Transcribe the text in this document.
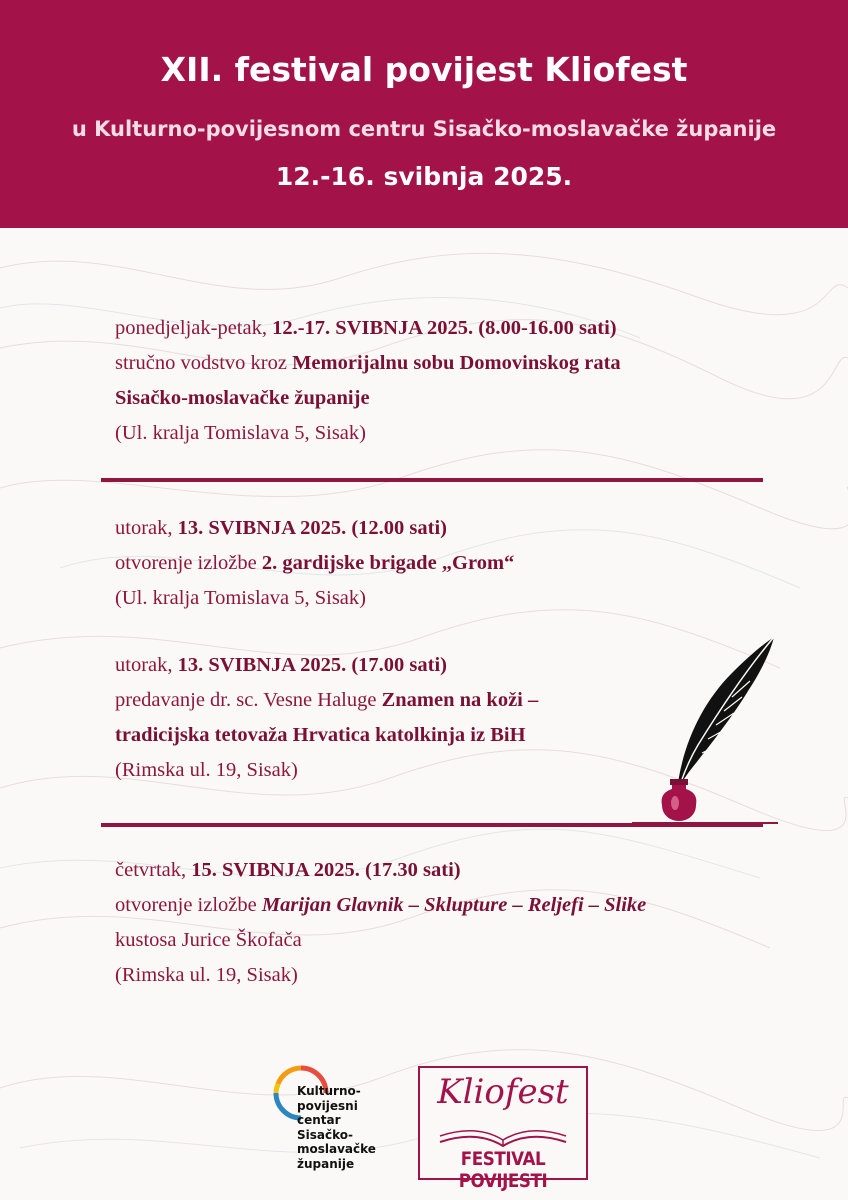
XII. festival povijest Kliofest
u Kulturno-povijesnom centru Sisačko-moslavačke županije
12.-16. svibnja 2025.
ponedjeljak-petak, 12.-17. SVIBNJA 2025. (8.00-16.00 sati)
stručno vodstvo kroz Memorijalnu sobu Domovinskog rata
Sisačko-moslavačke županije
(Ul. kralja Tomislava 5, Sisak)
utorak, 13. SVIBNJA 2025. (12.00 sati)
otvorenje izložbe 2. gardijske brigade „Grom“
(Ul. kralja Tomislava 5, Sisak)
utorak, 13. SVIBNJA 2025. (17.00 sati)
predavanje dr. sc. Vesne Haluge Znamen na koži –
tradicijska tetovaža Hrvatica katolkinja iz BiH
(Rimska ul. 19, Sisak)
četvrtak, 15. SVIBNJA 2025. (17.30 sati)
otvorenje izložbe Marijan Glavnik – Sklupture – Reljefi – Slike
kustosa Jurice Škofača
(Rimska ul. 19, Sisak)
Kulturno-
povijesni
centar
Sisačko-
moslavačke
županije
Kliofest
FESTIVAL POVIJESTI
